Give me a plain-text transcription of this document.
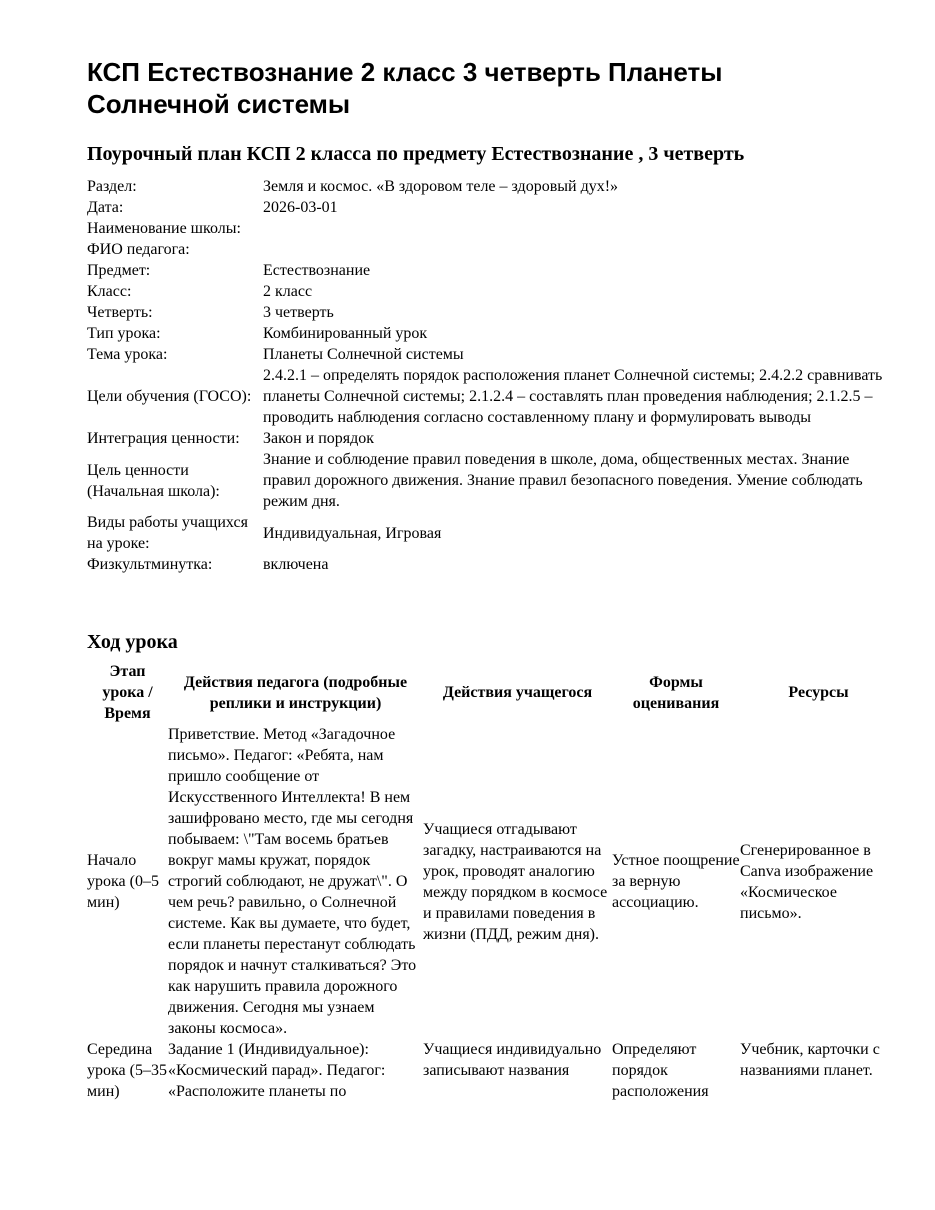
КСП Естествознание 2 класс 3 четверть Планеты Солнечной системы
Поурочный план КСП 2 класса по предмету Естествознание , 3 четверть
Раздел:	Земля и космос. «В здоровом теле – здоровый дух!»
Дата:	2026-03-01
Наименование школы:	
ФИО педагога:	
Предмет:	Естествознание
Класс:	2 класс
Четверть:	3 четверть
Тип урока:	Комбинированный урок
Тема урока:	Планеты Солнечной системы
Цели обучения (ГОСО):	2.4.2.1 – определять порядок расположения планет Солнечной системы; 2.4.2.2 сравнивать планеты Солнечной системы; 2.1.2.4 – составлять план проведения наблюдения; 2.1.2.5 – проводить наблюдения согласно составленному плану и формулировать выводы
Интеграция ценности:	Закон и порядок
Цель ценности (Начальная школа):	Знание и соблюдение правил поведения в школе, дома, общественных местах. Знание правил дорожного движения. Знание правил безопасного поведения. Умение соблюдать режим дня.
Виды работы учащихся на уроке:	Индивидуальная, Игровая
Физкультминутка:	включена
Ход урока
Этап урока / Время	Действия педагога (подробные реплики и инструкции)	Действия учащегося	Формы оценивания	Ресурсы
Начало урока (0–5 мин)	Приветствие. Метод «Загадочное письмо». Педагог: «Ребята, нам пришло сообщение от Искусственного Интеллекта! В нем зашифровано место, где мы сегодня побываем: \"Там восемь братьев вокруг мамы кружат, порядок строгий соблюдают, не дружат\". О чем речь? равильно, о Солнечной системе. Как вы думаете, что будет, если планеты перестанут соблюдать порядок и начнут сталкиваться? Это как нарушить правила дорожного движения. Сегодня мы узнаем законы космоса».	Учащиеся отгадывают загадку, настраиваются на урок, проводят аналогию между порядком в космосе и правилами поведения в жизни (ПДД, режим дня).	Устное поощрение за верную ассоциацию.	Сгенерированное в Canva изображение «Космическое письмо».
Середина урока (5–35 мин)	Задание 1 (Индивидуальное): «Космический парад». Педагог: «Расположите планеты по	Учащиеся индивидуально записывают названия	Определяют порядок расположения	Учебник, карточки с названиями планет.
